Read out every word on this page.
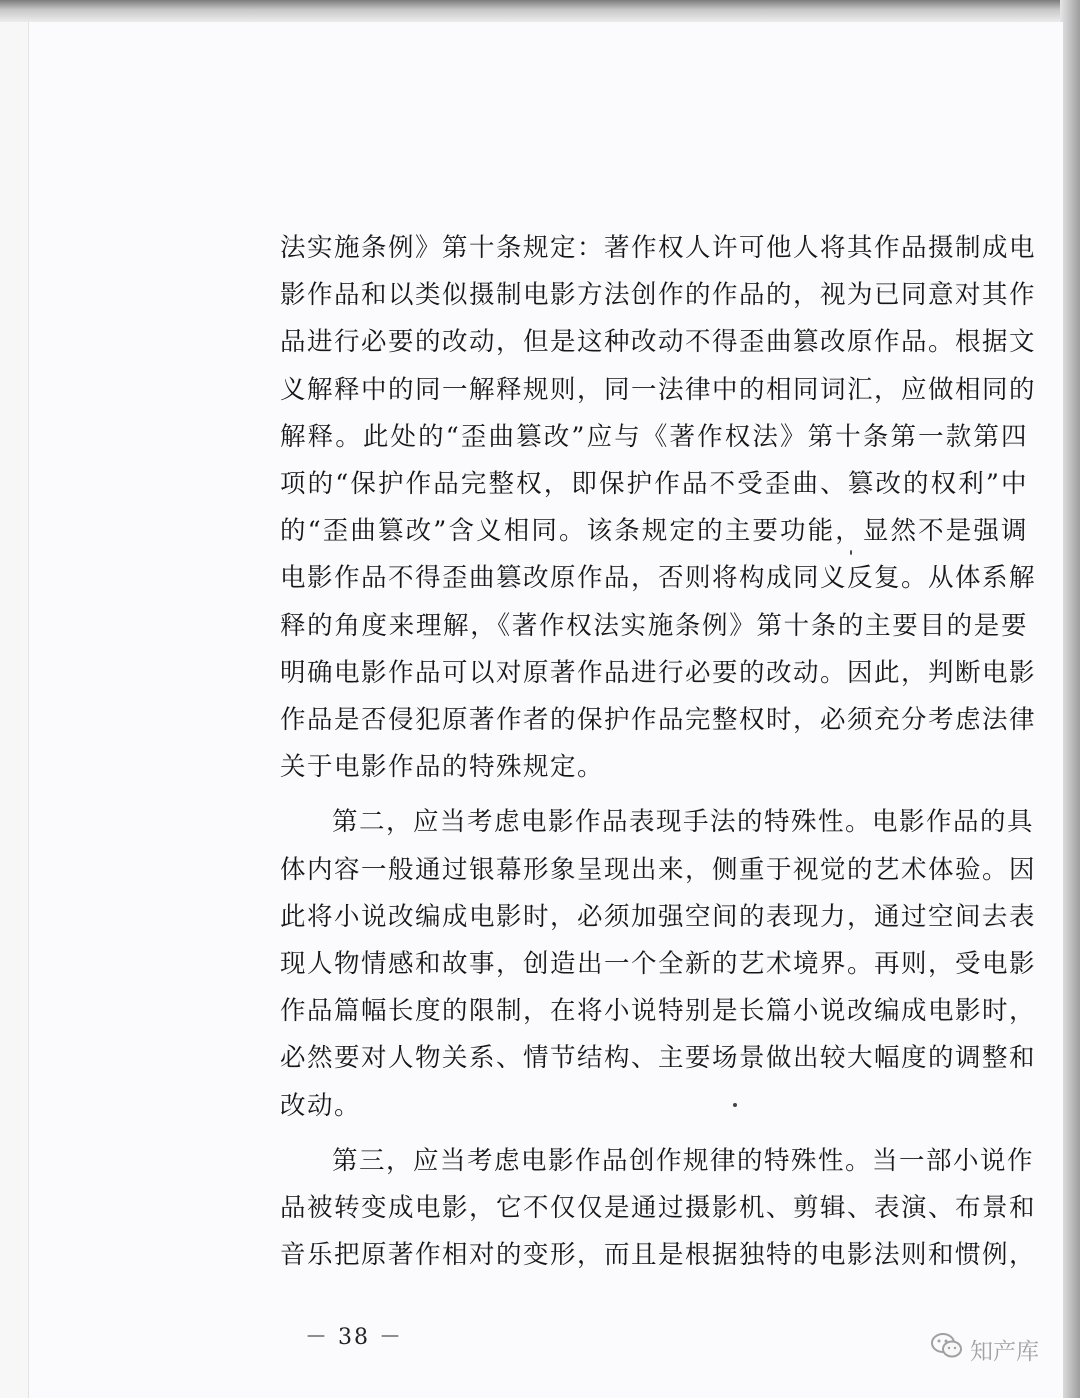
法实施条例》第十条规定：著作权人许可他人将其作品摄制成电
影作品和以类似摄制电影方法创作的作品的，视为已同意对其作
品进行必要的改动，但是这种改动不得歪曲篡改原作品。根据文
义解释中的同一解释规则，同一法律中的相同词汇，应做相同的
解释。此处的“歪曲篡改”应与《著作权法》第十条第一款第四
项的“保护作品完整权，即保护作品不受歪曲、篡改的权利”中
的“歪曲篡改”含义相同。该条规定的主要功能，显然不是强调
电影作品不得歪曲篡改原作品，否则将构成同义反复。从体系解
释的角度来理解，《著作权法实施条例》第十条的主要目的是要
明确电影作品可以对原著作品进行必要的改动。因此，判断电影
作品是否侵犯原著作者的保护作品完整权时，必须充分考虑法律
关于电影作品的特殊规定。
第二，应当考虑电影作品表现手法的特殊性。电影作品的具
体内容一般通过银幕形象呈现出来，侧重于视觉的艺术体验。因
此将小说改编成电影时，必须加强空间的表现力，通过空间去表
现人物情感和故事，创造出一个全新的艺术境界。再则，受电影
作品篇幅长度的限制，在将小说特别是长篇小说改编成电影时，
必然要对人物关系、情节结构、主要场景做出较大幅度的调整和
改动。
第三，应当考虑电影作品创作规律的特殊性。当一部小说作
品被转变成电影，它不仅仅是通过摄影机、剪辑、表演、布景和
音乐把原著作相对的变形，而且是根据独特的电影法则和惯例，
－ 38 －
知产库
